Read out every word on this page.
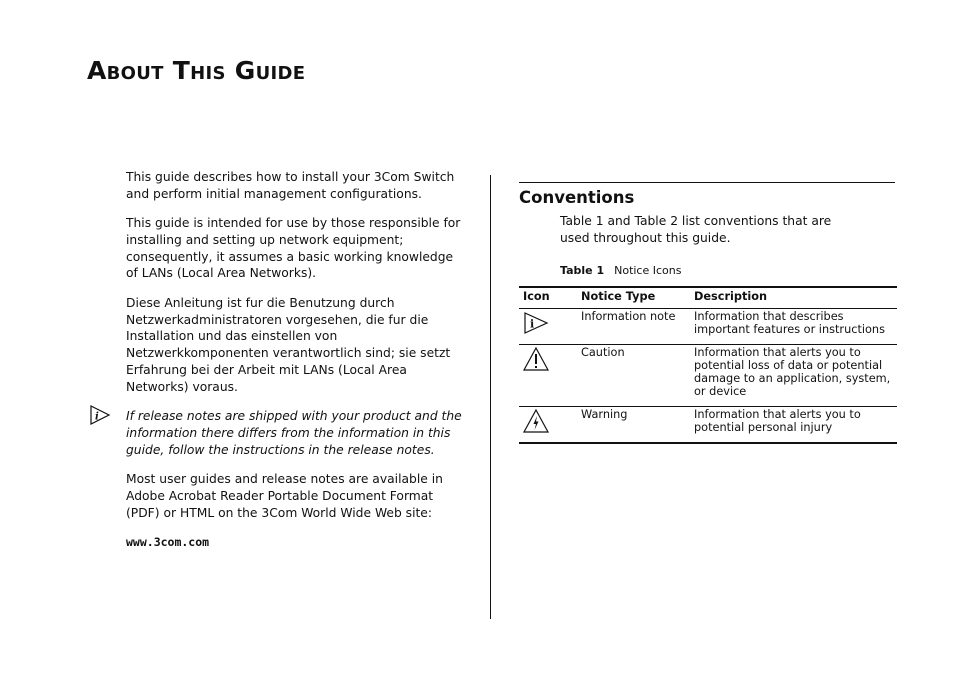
About This Guide

This guide describes how to install your 3Com Switch and perform initial management configurations.

This guide is intended for use by those responsible for installing and setting up network equipment; consequently, it assumes a basic working knowledge of LANs (Local Area Networks).

Diese Anleitung ist fur die Benutzung durch Netzwerkadministratoren vorgesehen, die fur die Installation und das einstellen von Netzwerkkomponenten verantwortlich sind; sie setzt Erfahrung bei der Arbeit mit LANs (Local Area Networks) voraus.

i If release notes are shipped with your product and the information there differs from the information in this guide, follow the instructions in the release notes.

Most user guides and release notes are available in Adobe Acrobat Reader Portable Document Format (PDF) or HTML on the 3Com World Wide Web site:

www.3com.com

Conventions

Table 1 and Table 2 list conventions that are used throughout this guide.

Table 1 Notice Icons

Icon	Notice Type	Description

i	Information note	Information that describes important features or instructions

	Caution	Information that alerts you to potential loss of data or potential damage to an application, system, or device

	Warning	Information that alerts you to potential personal injury
